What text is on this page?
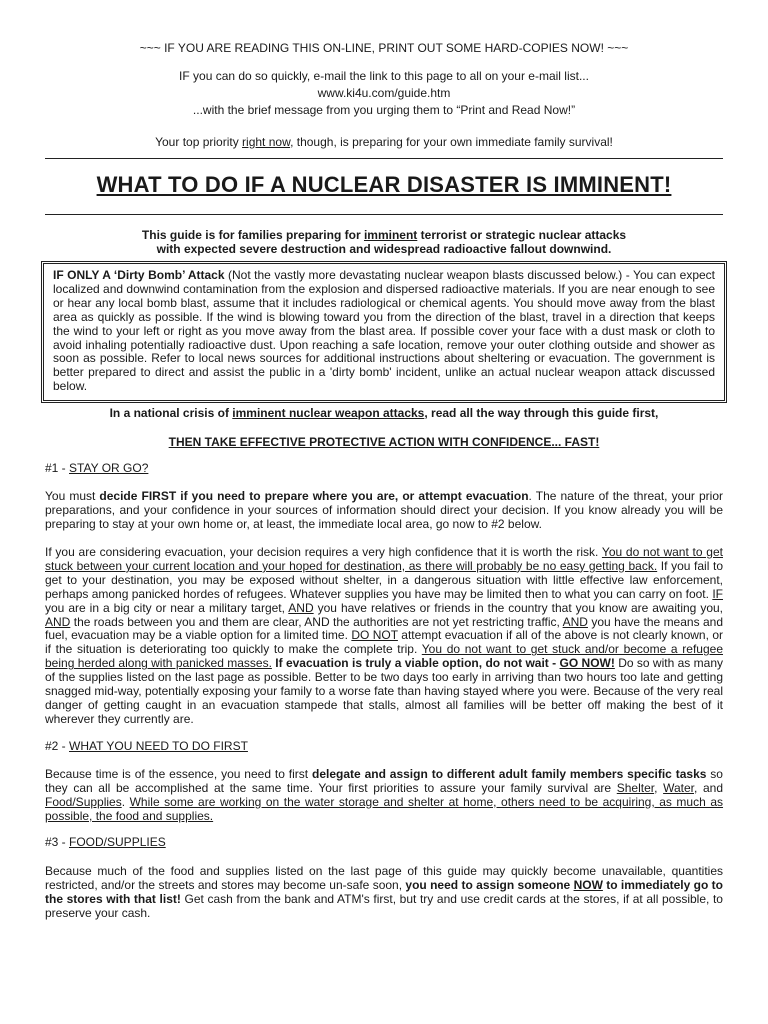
~~~ IF YOU ARE READING THIS ON-LINE, PRINT OUT SOME HARD-COPIES NOW! ~~~

IF you can do so quickly, e-mail the link to this page to all on your e-mail list...

www.ki4u.com/guide.htm

...with the brief message from you urging them to “Print and Read Now!”

Your top priority right now, though, is preparing for your own immediate family survival!

WHAT TO DO IF A NUCLEAR DISASTER IS IMMINENT!

This guide is for families preparing for imminent terrorist or strategic nuclear attacks
with expected severe destruction and widespread radioactive fallout downwind.

IF ONLY A ‘Dirty Bomb’ Attack (Not the vastly more devastating nuclear weapon blasts discussed below.) - You can expect localized and downwind contamination from the explosion and dispersed radioactive materials. If you are near enough to see or hear any local bomb blast, assume that it includes radiological or chemical agents. You should move away from the blast area as quickly as possible. If the wind is blowing toward you from the direction of the blast, travel in a direction that keeps the wind to your left or right as you move away from the blast area. If possible cover your face with a dust mask or cloth to avoid inhaling potentially radioactive dust. Upon reaching a safe location, remove your outer clothing outside and shower as soon as possible. Refer to local news sources for additional instructions about sheltering or evacuation. The government is better prepared to direct and assist the public in a 'dirty bomb' incident, unlike an actual nuclear weapon attack discussed below.

In a national crisis of imminent nuclear weapon attacks, read all the way through this guide first,

THEN TAKE EFFECTIVE PROTECTIVE ACTION WITH CONFIDENCE... FAST!

#1 - STAY OR GO?

You must decide FIRST if you need to prepare where you are, or attempt evacuation. The nature of the threat, your prior preparations, and your confidence in your sources of information should direct your decision. If you know already you will be preparing to stay at your own home or, at least, the immediate local area, go now to #2 below.

If you are considering evacuation, your decision requires a very high confidence that it is worth the risk. You do not want to get stuck between your current location and your hoped for destination, as there will probably be no easy getting back. If you fail to get to your destination, you may be exposed without shelter, in a dangerous situation with little effective law enforcement, perhaps among panicked hordes of refugees. Whatever supplies you have may be limited then to what you can carry on foot. IF you are in a big city or near a military target, AND you have relatives or friends in the country that you know are awaiting you, AND the roads between you and them are clear, AND the authorities are not yet restricting traffic, AND you have the means and fuel, evacuation may be a viable option for a limited time. DO NOT attempt evacuation if all of the above is not clearly known, or if the situation is deteriorating too quickly to make the complete trip. You do not want to get stuck and/or become a refugee being herded along with panicked masses. If evacuation is truly a viable option, do not wait - GO NOW! Do so with as many of the supplies listed on the last page as possible. Better to be two days too early in arriving than two hours too late and getting snagged mid-way, potentially exposing your family to a worse fate than having stayed where you were. Because of the very real danger of getting caught in an evacuation stampede that stalls, almost all families will be better off making the best of it wherever they currently are.

#2 - WHAT YOU NEED TO DO FIRST

Because time is of the essence, you need to first delegate and assign to different adult family members specific tasks so they can all be accomplished at the same time. Your first priorities to assure your family survival are Shelter, Water, and Food/Supplies. While some are working on the water storage and shelter at home, others need to be acquiring, as much as possible, the food and supplies.

#3 - FOOD/SUPPLIES

Because much of the food and supplies listed on the last page of this guide may quickly become unavailable, quantities restricted, and/or the streets and stores may become un-safe soon, you need to assign someone NOW to immediately go to the stores with that list! Get cash from the bank and ATM's first, but try and use credit cards at the stores, if at all possible, to preserve your cash.
